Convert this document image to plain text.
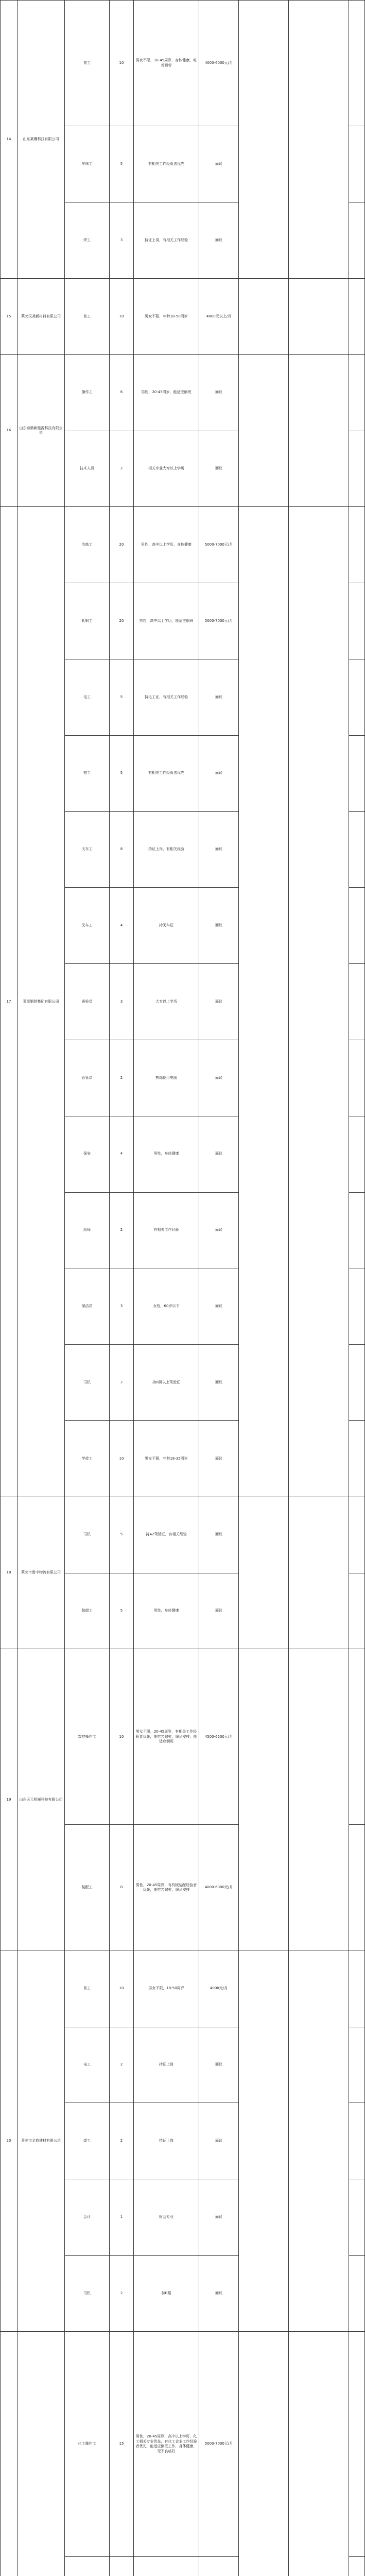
14	山东莱鹰科技有限公司	普工	10	男女不限，18-45周岁，身体健康，吃苦耐劳	4000-6000元/月			
		车床工	5	有相关工作经验者优先	面议			
		焊工	3	持证上岗，有相关工作经验	面议			
15	莱芜汉尧新材料有限公司	普工	10	男女不限，年龄18-50周岁	4000元以上/月			
16	山东泰鼎新能源科技有限公司	操作工	6	男性，20-45周岁，能适应倒班	面议			
		技术人员	2	相关专业大专以上学历	面议			
17	莱芜钢铁集团有限公司	冶炼工	20	男性，高中以上学历，身体健康	5000-7000元/月			
		轧钢工	20	男性，高中以上学历，能适应倒班	5000-7000元/月			
		电工	5	持电工证，有相关工作经验	面议			
		钳工	5	有相关工作经验者优先	面议			
		天车工	8	持证上岗，有相关经验	面议			
		叉车工	4	持叉车证	面议			
		质检员	3	大专以上学历	面议			
		仓管员	2	熟练使用电脑	面议			
		保安	4	男性，身体健康	面议			
		厨师	2	有相关工作经验	面议			
		保洁员	3	女性，60岁以下	面议			
		司机	2	持B照以上驾驶证	面议			
		学徒工	10	男女不限，年龄18-35周岁	面议			
18	莱芜市鲁中物流有限公司	司机	5	持A2驾驶证，有相关经验	面议			
		装卸工	5	男性，身体健康	面议			
19	山东天元机械科技有限公司	数控操作工	10	男女不限，20-45周岁，有相关工作经验者优先，能吃苦耐劳，服从安排，能适应倒班	4500-6500元/月			
		装配工	8	男性，20-45周岁，有机械装配经验者优先，能吃苦耐劳，服从安排	4000-6000元/月			
20	莱芜市金鼎建材有限公司	普工	10	男女不限，18-50周岁	4000元/月			
		电工	2	持证上岗	面议			
		焊工	2	持证上岗	面议			
		会计	1	财会专业	面议			
		司机	2	持B照	面议			
		化工操作工	15	男性，20-45周岁，高中以上学历，化工相关专业优先，有化工企业工作经验者优先，能适应倒班工作，身体健康，无不良嗜好	5000-7000元/月			
